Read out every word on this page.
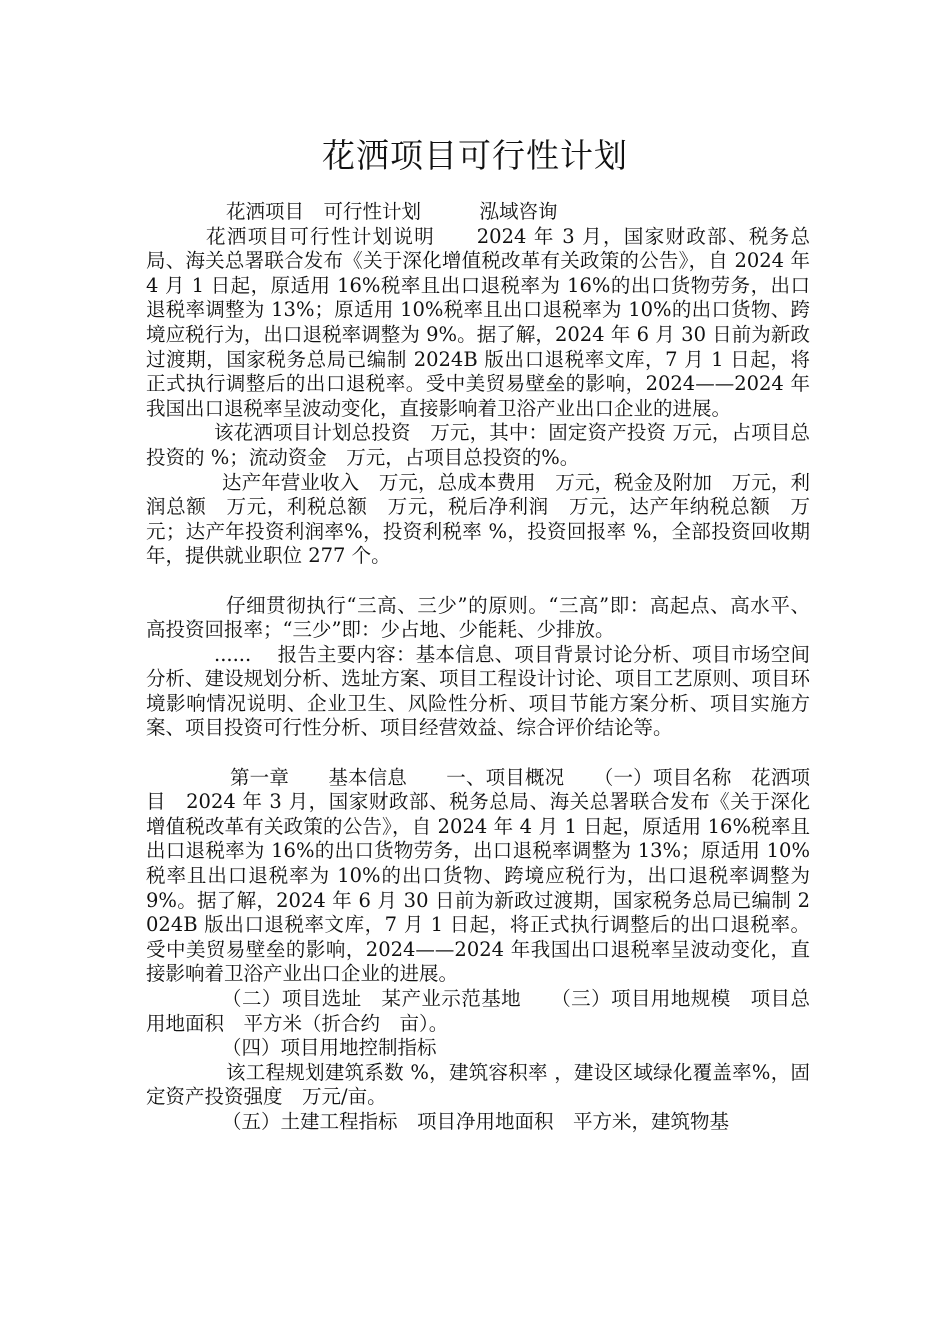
花洒项目可行性计划

花洒项目　可行性计划　　　泓域咨询

花洒项目可行性计划说明　　2024 年 3 月，国家财政部、税务总局、海关总署联合发布《关于深化增值税改革有关政策的公告》，自 2024 年 4 月 1 日起，原适用 16%税率且出口退税率为 16%的出口货物劳务，出口退税率调整为 13%；原适用 10%税率且出口退税率为 10%的出口货物、跨境应税行为，出口退税率调整为 9%。据了解，2024 年 6 月 30 日前为新政过渡期，国家税务总局已编制 2024B 版出口退税率文库，7 月 1 日起，将正式执行调整后的出口退税率。受中美贸易壁垒的影响，2024——2024 年我国出口退税率呈波动变化，直接影响着卫浴产业出口企业的进展。

该花洒项目计划总投资　万元，其中：固定资产投资 万元，占项目总投资的 %；流动资金　万元，占项目总投资的%。

达产年营业收入　万元，总成本费用　万元，税金及附加　万元，利润总额　万元，利税总额　万元，税后净利润　万元，达产年纳税总额　万元；达产年投资利润率%，投资利税率 %，投资回报率 %，全部投资回收期 年，提供就业职位 277 个。

仔细贯彻执行“三高、三少”的原则。“三高”即：高起点、高水平、高投资回报率；“三少”即：少占地、少能耗、少排放。

......　 报告主要内容：基本信息、项目背景讨论分析、项目市场空间分析、建设规划分析、选址方案、项目工程设计讨论、项目工艺原则、项目环境影响情况说明、企业卫生、风险性分析、项目节能方案分析、项目实施方案、项目投资可行性分析、项目经营效益、综合评价结论等。

第一章　　基本信息　　一、项目概况　　（一）项目名称　花洒项目　2024 年 3 月，国家财政部、税务总局、海关总署联合发布《关于深化增值税改革有关政策的公告》，自 2024 年 4 月 1 日起，原适用 16%税率且出口退税率为 16%的出口货物劳务，出口退税率调整为 13%；原适用 10%税率且出口退税率为 10%的出口货物、跨境应税行为，出口退税率调整为 9%。据了解，2024 年 6 月 30 日前为新政过渡期，国家税务总局已编制 2024B 版出口退税率文库，7 月 1 日起，将正式执行调整后的出口退税率。受中美贸易壁垒的影响，2024——2024 年我国出口退税率呈波动变化，直接影响着卫浴产业出口企业的进展。

（二）项目选址　某产业示范基地　　（三）项目用地规模　项目总用地面积　平方米（折合约　亩）。

（四）项目用地控制指标

该工程规划建筑系数 %，建筑容积率 ，建设区域绿化覆盖率%，固定资产投资强度　万元/亩。

（五）土建工程指标　项目净用地面积　平方米，建筑物基
